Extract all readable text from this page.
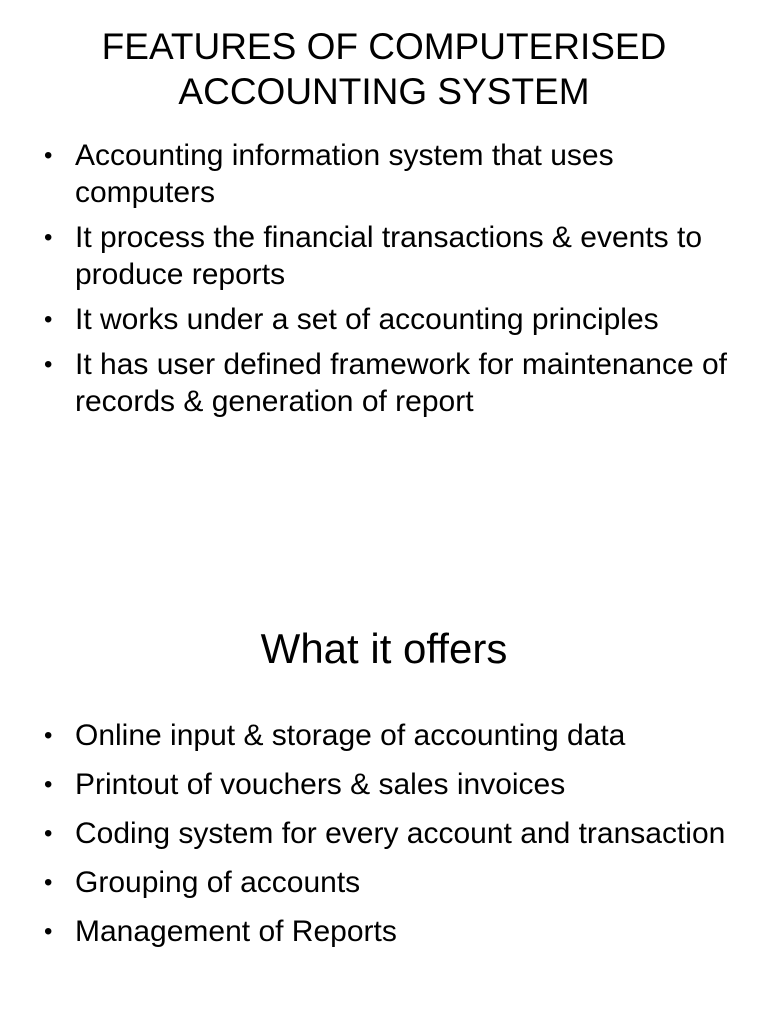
FEATURES OF COMPUTERISED ACCOUNTING SYSTEM
• Accounting information system that uses computers
• It process the financial transactions & events to produce reports
• It works under a set of accounting principles
• It has user defined framework for maintenance of records & generation of report
What it offers
• Online input & storage of accounting data
• Printout of vouchers & sales invoices
• Coding system for every account and transaction
• Grouping of accounts
• Management of Reports
